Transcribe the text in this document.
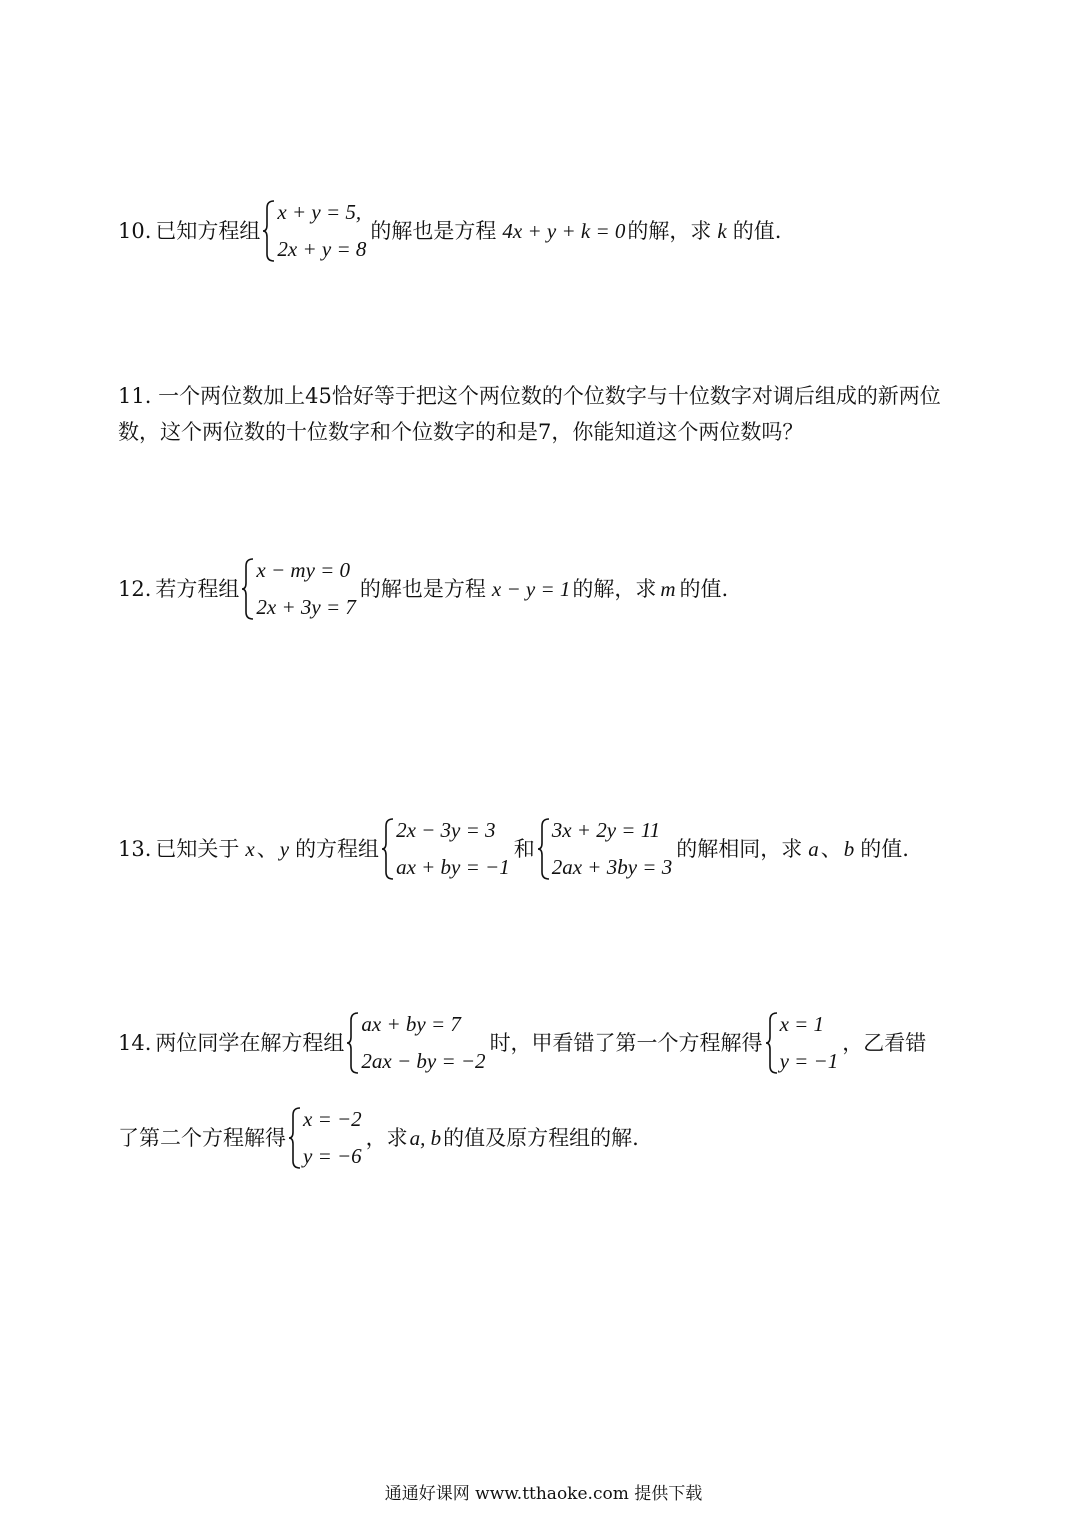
10. 已知方程组
x + y = 5,
2x + y = 8
的解也是方程 4x + y + k = 0 的解，求 k 的值.
11. 一个两位数加上45恰好等于把这个两位数的个位数字与十位数字对调后组成的新两位
数，这个两位数的十位数字和个位数字的和是7，你能知道这个两位数吗？
12. 若方程组
x − my = 0
2x + 3y = 7
的解也是方程 x − y = 1 的解，求 m 的值.
13. 已知关于 x 、 y 的方程组
2x − 3y = 3
ax + by = −1
和
3x + 2y = 11
2ax + 3by = 3
的解相同，求 a 、 b 的值.
14. 两位同学在解方程组
ax + by = 7
2ax − by = −2
时，甲看错了第一个方程解得
x = 1
y = −1
，乙看错
了第二个方程解得
x = −2
y = −6
，求 a, b 的值及原方程组的解.
通通好课网 www.tthaoke.com 提供下载
